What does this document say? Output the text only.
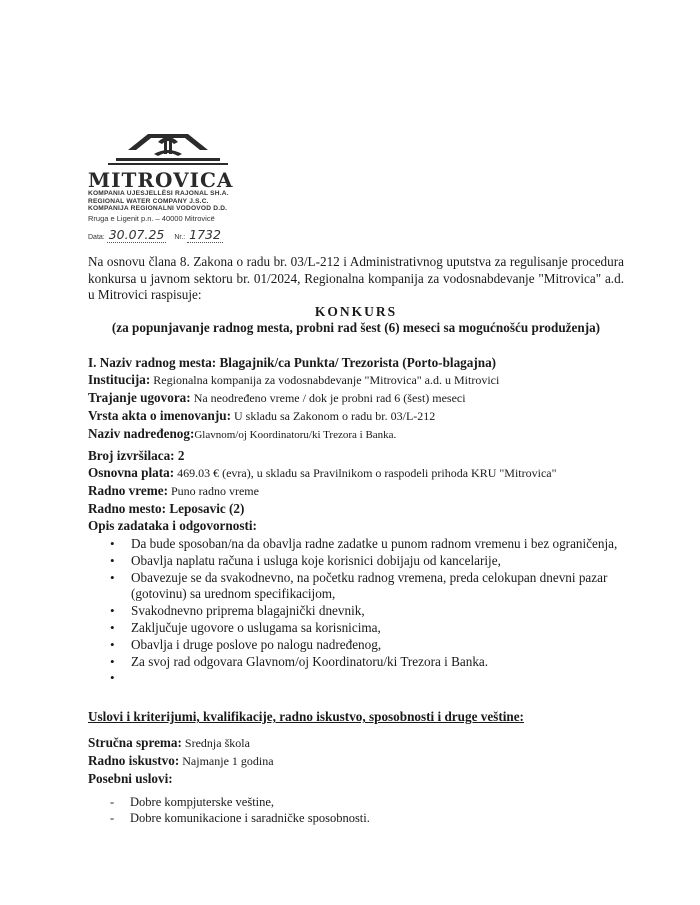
MITROVICA
KOMPANIA UJESJELLËSI RAJONAL SH.A.
REGIONAL WATER COMPANY J.S.C.
KOMPANIJA REGIONALNI VODOVOD D.D.
Rruga e Ligenit p.n. – 40000 Mitrovicë
Data: 30.07.25 Nr.: 1732
Na osnovu člana 8. Zakona o radu br. 03/L-212 i Administrativnog uputstva za regulisanje procedura konkursa u javnom sektoru br. 01/2024, Regionalna kompanija za vodosnabdevanje "Mitrovica" a.d. u Mitrovici raspisuje:
KONKURS
(za popunjavanje radnog mesta, probni rad šest (6) meseci sa mogućnošću produženja)
I. Naziv radnog mesta: Blagajnik/ca Punkta/ Trezorista (Porto-blagajna)
Institucija: Regionalna kompanija za vodosnabdevanje "Mitrovica" a.d. u Mitrovici
Trajanje ugovora: Na neodređeno vreme / dok je probni rad 6 (šest) meseci
Vrsta akta o imenovanju: U skladu sa Zakonom o radu br. 03/L-212
Naziv nadređenog:Glavnom/oj Koordinatoru/ki Trezora i Banka.
Broj izvršilaca: 2
Osnovna plata: 469.03 € (evra), u skladu sa Pravilnikom o raspodeli prihoda KRU "Mitrovica"
Radno vreme: Puno radno vreme
Radno mesto: Leposavic (2)
Opis zadataka i odgovornosti:
• Da bude sposoban/na da obavlja radne zadatke u punom radnom vremenu i bez ograničenja,
• Obavlja naplatu računa i usluga koje korisnici dobijaju od kancelarije,
• Obavezuje se da svakodnevno, na početku radnog vremena, preda celokupan dnevni pazar (gotovinu) sa urednom specifikacijom,
• Svakodnevno priprema blagajnički dnevnik,
• Zaključuje ugovore o uslugama sa korisnicima,
• Obavlja i druge poslove po nalogu nadređenog,
• Za svoj rad odgovara Glavnom/oj Koordinatoru/ki Trezora i Banka.
•

Uslovi i kriterijumi, kvalifikacije, radno iskustvo, sposobnosti i druge veštine:
Stručna sprema: Srednja škola
Radno iskustvo: Najmanje 1 godina
Posebni uslovi:
- Dobre kompjuterske veštine,
- Dobre komunikacione i saradničke sposobnosti.
